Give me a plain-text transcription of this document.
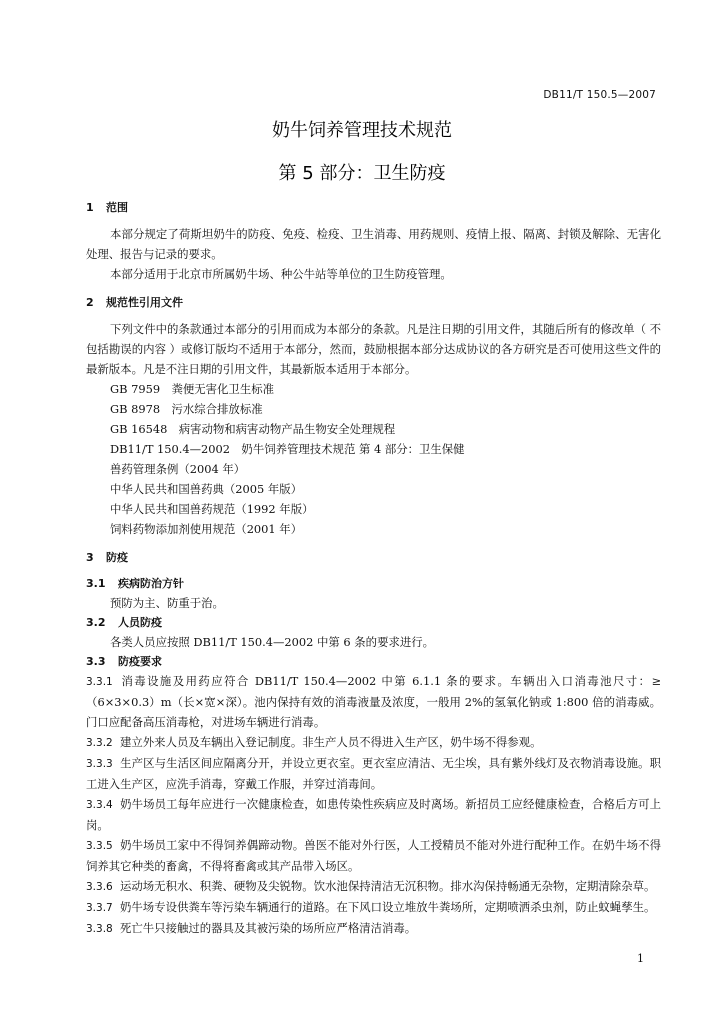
DB11/T 150.5—2007
奶牛饲养管理技术规范
第 5 部分：卫生防疫
1 范围

本部分规定了荷斯坦奶牛的防疫、免疫、检疫、卫生消毒、用药规则、疫情上报、隔离、封锁及解除、无害化处理、报告与记录的要求。

本部分适用于北京市所属奶牛场、种公牛站等单位的卫生防疫管理。

2 规范性引用文件

下列文件中的条款通过本部分的引用而成为本部分的条款。凡是注日期的引用文件，其随后所有的修改单（ 不包括勘误的内容 ）或修订版均不适用于本部分，然而，鼓励根据本部分达成协议的各方研究是否可使用这些文件的最新版本。凡是不注日期的引用文件，其最新版本适用于本部分。

GB 7959　粪便无害化卫生标准

GB 8978　污水综合排放标准

GB 16548　病害动物和病害动物产品生物安全处理规程

DB11/T 150.4—2002　奶牛饲养管理技术规范 第 4 部分：卫生保健

兽药管理条例（2004 年）

中华人民共和国兽药典（2005 年版）

中华人民共和国兽药规范（1992 年版）

饲料药物添加剂使用规范（2001 年）

3 防疫
3.1 疾病防治方针

预防为主、防重于治。

3.2 人员防疫

各类人员应按照 DB11/T 150.4—2002 中第 6 条的要求进行。

3.3 防疫要求
3.3.1 消毒设施及用药应符合 DB11/T 150.4—2002 中第 6.1.1 条的要求。车辆出入口消毒池尺寸：≥（6×3×0.3）m（长×宽×深）。池内保持有效的消毒液量及浓度，一般用 2%的氢氧化钠或 1:800 倍的消毒威。门口应配备高压消毒枪，对进场车辆进行消毒。
3.3.2 建立外来人员及车辆出入登记制度。非生产人员不得进入生产区，奶牛场不得参观。
3.3.3 生产区与生活区间应隔离分开，并设立更衣室。更衣室应清洁、无尘埃，具有紫外线灯及衣物消毒设施。职工进入生产区，应洗手消毒，穿戴工作服，并穿过消毒间。
3.3.4 奶牛场员工每年应进行一次健康检查，如患传染性疾病应及时离场。新招员工应经健康检查，合格后方可上岗。
3.3.5 奶牛场员工家中不得饲养偶蹄动物。兽医不能对外行医，人工授精员不能对外进行配种工作。在奶牛场不得饲养其它种类的畜禽，不得将畜禽或其产品带入场区。
3.3.6 运动场无积水、积粪、硬物及尖锐物。饮水池保持清洁无沉积物。排水沟保持畅通无杂物，定期清除杂草。
3.3.7 奶牛场专设供粪车等污染车辆通行的道路。在下风口设立堆放牛粪场所，定期喷洒杀虫剂，防止蚊蝇孳生。
3.3.8 死亡牛只接触过的器具及其被污染的场所应严格清洁消毒。
1
